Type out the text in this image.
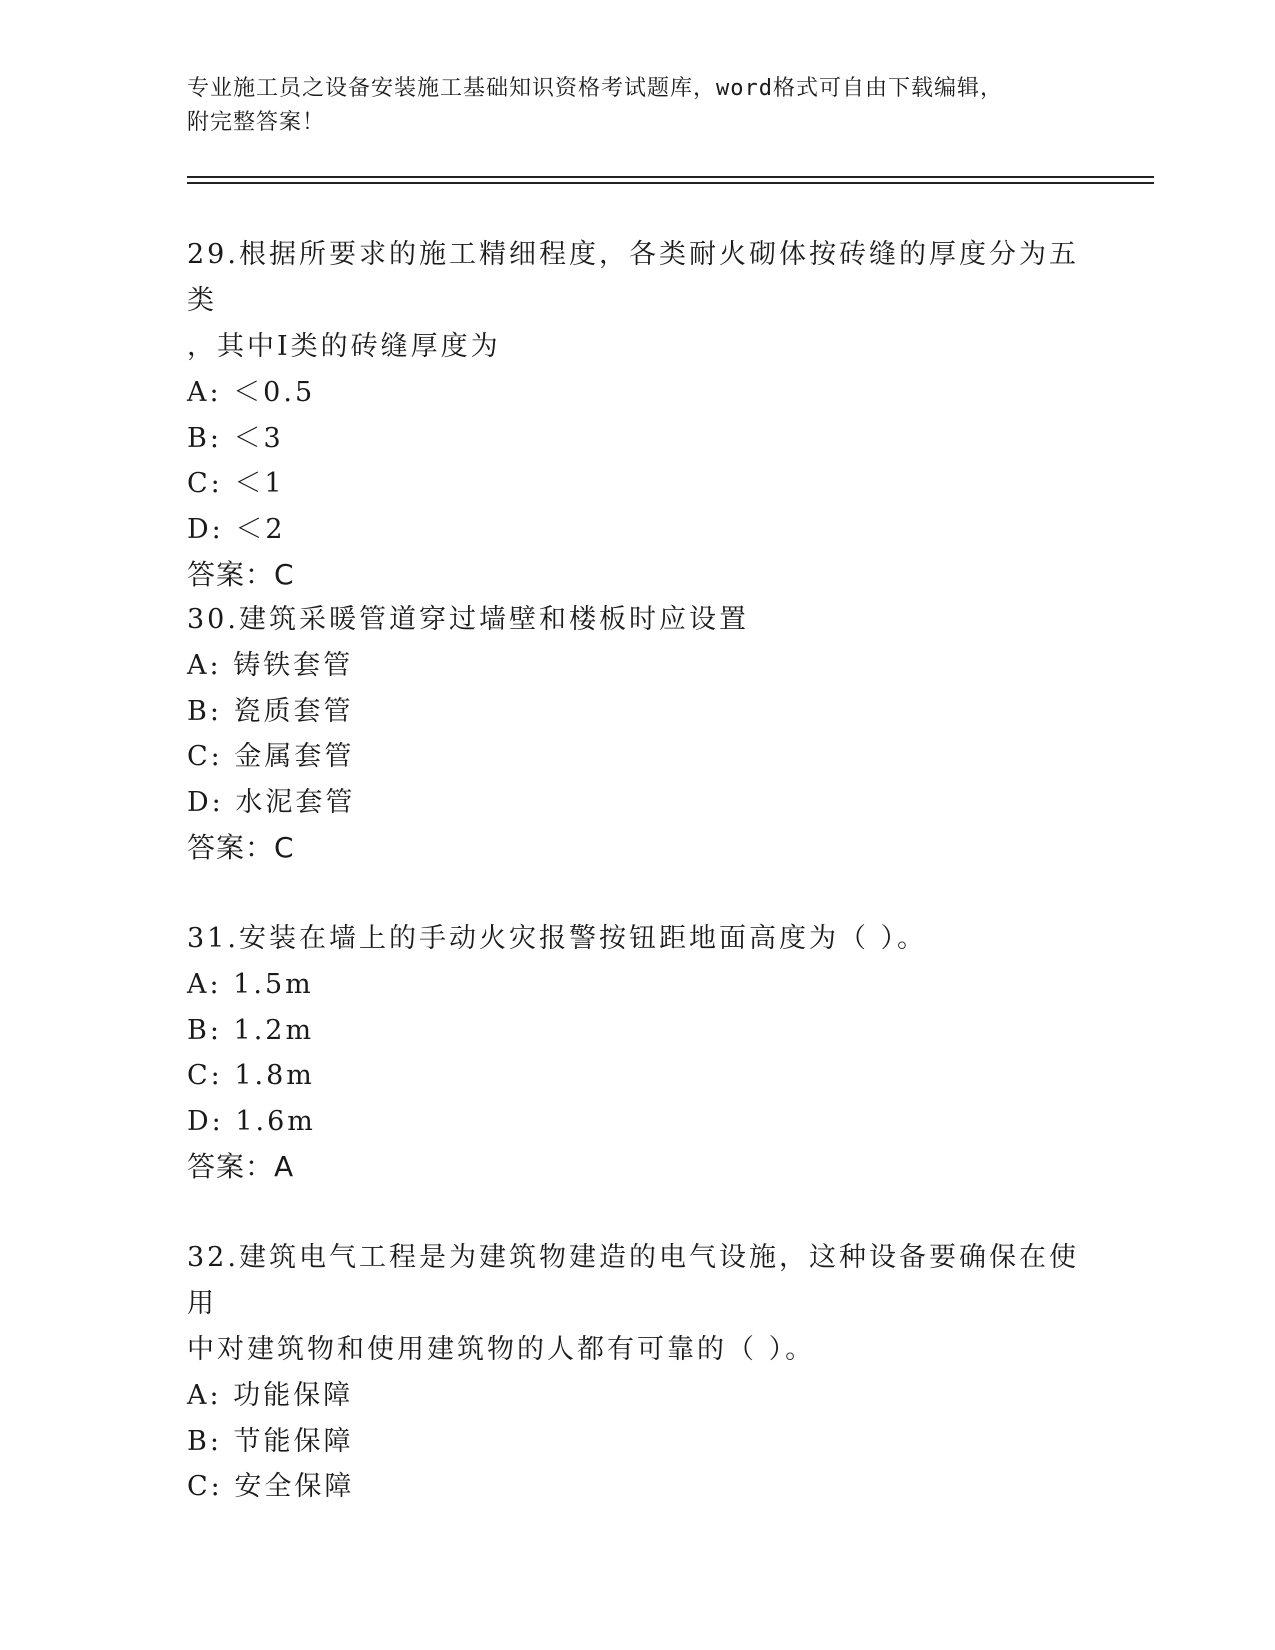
专业施工员之设备安装施工基础知识资格考试题库，word格式可自由下载编辑，
附完整答案！

29.根据所要求的施工精细程度，各类耐火砌体按砖缝的厚度分为五类

，其中Ⅰ类的砖缝厚度为

A: ＜0.5

B: ＜3

C: ＜1

D: ＜2

答案：C

30.建筑采暖管道穿过墙壁和楼板时应设置

A: 铸铁套管

B: 瓷质套管

C: 金属套管

D: 水泥套管

答案：C

31.安装在墙上的手动火灾报警按钮距地面高度为（ ）。

A: 1.5m

B: 1.2m

C: 1.8m

D: 1.6m

答案：A

32.建筑电气工程是为建筑物建造的电气设施，这种设备要确保在使用

中对建筑物和使用建筑物的人都有可靠的（ ）。

A: 功能保障

B: 节能保障

C: 安全保障
